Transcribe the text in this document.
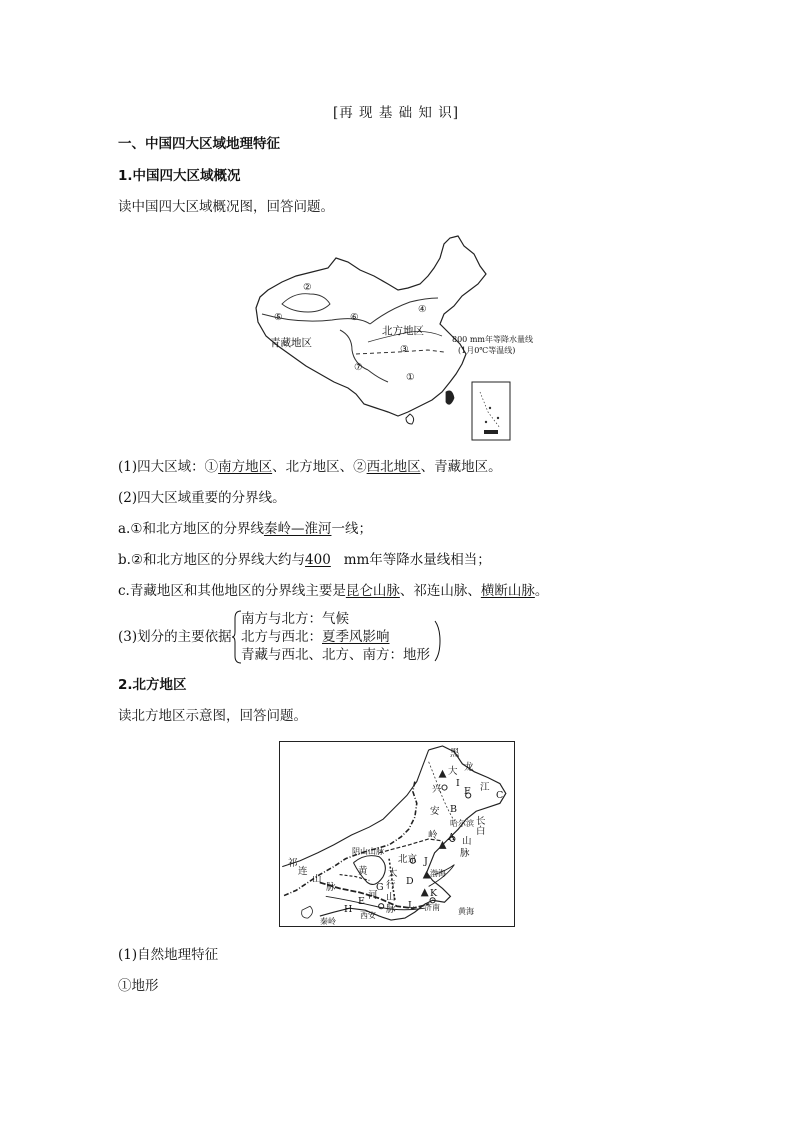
[再 现 基 础 知 识]
一、中国四大区域地理特征
1.中国四大区域概况
读中国四大区域概况图，回答问题。
②
④
⑤	⑥
北方地区
800 mm年等降水量线
(1月0℃等温线)
青藏地区
③
⑦
①
(1)四大区域：①南方地区、北方地区、②西北地区、青藏地区。
(2)四大区域重要的分界线。
a.①和北方地区的分界线秦岭—淮河一线；
b.②和北方地区的分界线大约与400   mm年等降水量线相当；
c.青藏地区和其他地区的分界线主要是昆仑山脉、祁连山脉、横断山脉。
(3)划分的主要依据
南方与北方：气候
北方与西北：夏季风影响
青藏与西北、北方、南方：地形
2.北方地区
读北方地区示意图，回答问题。
黑
大 龙
兴
I
F 江
C
B
安
哈尔滨 长
白
岭 A 山
脉
阴山山脉
祁
连
山
脉
北京 J
黄 太
D
渤海
行
G
K
河 山
E	L 济南
脉
H
西安
秦岭
黄海
(1)自然地理特征
①地形
